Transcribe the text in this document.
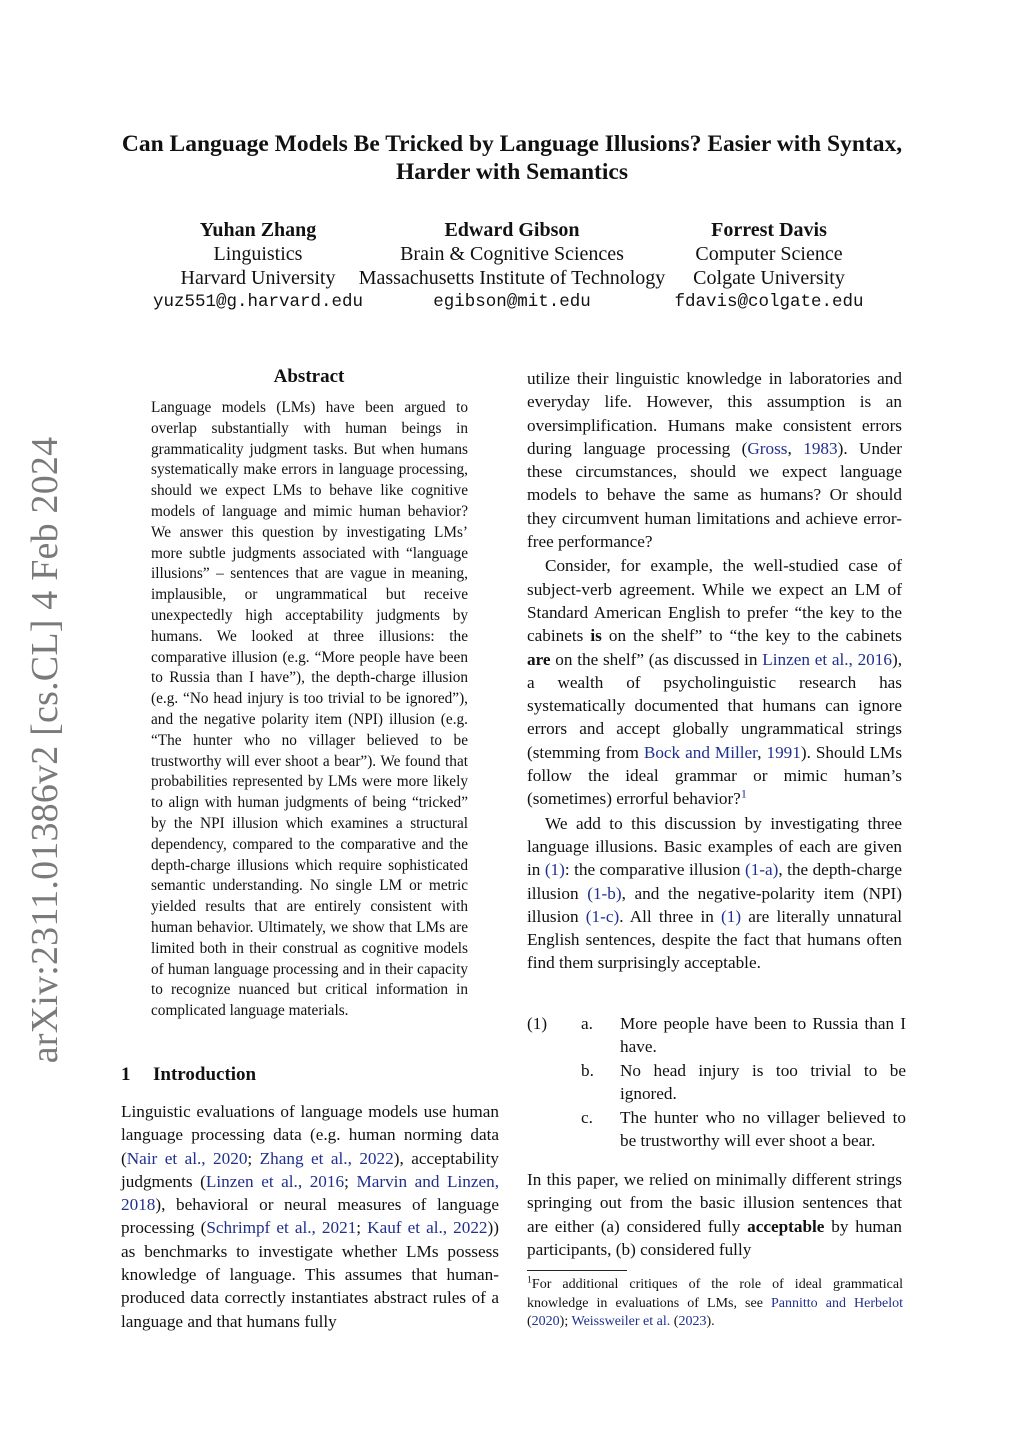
arXiv:2311.01386v2 [cs.CL] 4 Feb 2024
Can Language Models Be Tricked by Language Illusions? Easier with Syntax, Harder with Semantics
Yuhan Zhang
Linguistics
Harvard University
yuz551@g.harvard.edu
Edward Gibson
Brain & Cognitive Sciences
Massachusetts Institute of Technology
egibson@mit.edu
Forrest Davis
Computer Science
Colgate University
fdavis@colgate.edu
Abstract
Language models (LMs) have been argued to overlap substantially with human beings in grammaticality judgment tasks. But when humans systematically make errors in language processing, should we expect LMs to behave like cognitive models of language and mimic human behavior? We answer this question by investigating LMs’ more subtle judgments associated with “language illusions” – sentences that are vague in meaning, implausible, or ungrammatical but receive unexpectedly high acceptability judgments by humans. We looked at three illusions: the comparative illusion (e.g. “More people have been to Russia than I have”), the depth-charge illusion (e.g. “No head injury is too trivial to be ignored”), and the negative polarity item (NPI) illusion (e.g. “The hunter who no villager believed to be trustworthy will ever shoot a bear”). We found that probabilities represented by LMs were more likely to align with human judgments of being “tricked” by the NPI illusion which examines a structural dependency, compared to the comparative and the depth-charge illusions which require sophisticated semantic understanding. No single LM or metric yielded results that are entirely consistent with human behavior. Ultimately, we show that LMs are limited both in their construal as cognitive models of human language processing and in their capacity to recognize nuanced but critical information in complicated language materials.
1 Introduction
Linguistic evaluations of language models use human language processing data (e.g. human norming data (Nair et al., 2020; Zhang et al., 2022), acceptability judgments (Linzen et al., 2016; Marvin and Linzen, 2018), behavioral or neural measures of language processing (Schrimpf et al., 2021; Kauf et al., 2022)) as benchmarks to investigate whether LMs possess knowledge of language. This assumes that human-produced data correctly instantiates abstract rules of a language and that humans fully

utilize their linguistic knowledge in laboratories and everyday life. However, this assumption is an oversimplification. Humans make consistent errors during language processing (Gross, 1983). Under these circumstances, should we expect language models to behave the same as humans? Or should they circumvent human limitations and achieve error-free performance?

Consider, for example, the well-studied case of subject-verb agreement. While we expect an LM of Standard American English to prefer “the key to the cabinets is on the shelf” to “the key to the cabinets are on the shelf” (as discussed in Linzen et al., 2016), a wealth of psycholinguistic research has systematically documented that humans can ignore errors and accept globally ungrammatical strings (stemming from Bock and Miller, 1991). Should LMs follow the ideal grammar or mimic human’s (sometimes) errorful behavior?$^1$

We add to this discussion by investigating three language illusions. Basic examples of each are given in (1): the comparative illusion (1-a), the depth-charge illusion (1-b), and the negative-polarity item (NPI) illusion (1-c). All three in (1) are literally unnatural English sentences, despite the fact that humans often find them surprisingly acceptable.

(1) a. More people have been to Russia than I have.
b. No head injury is too trivial to be ignored.
c. The hunter who no villager believed to be trustworthy will ever shoot a bear.

In this paper, we relied on minimally different strings springing out from the basic illusion sentences that are either (a) considered fully acceptable by human participants, (b) considered fully

$^1$For additional critiques of the role of ideal grammatical knowledge in evaluations of LMs, see Pannitto and Herbelot (2020); Weissweiler et al. (2023).
